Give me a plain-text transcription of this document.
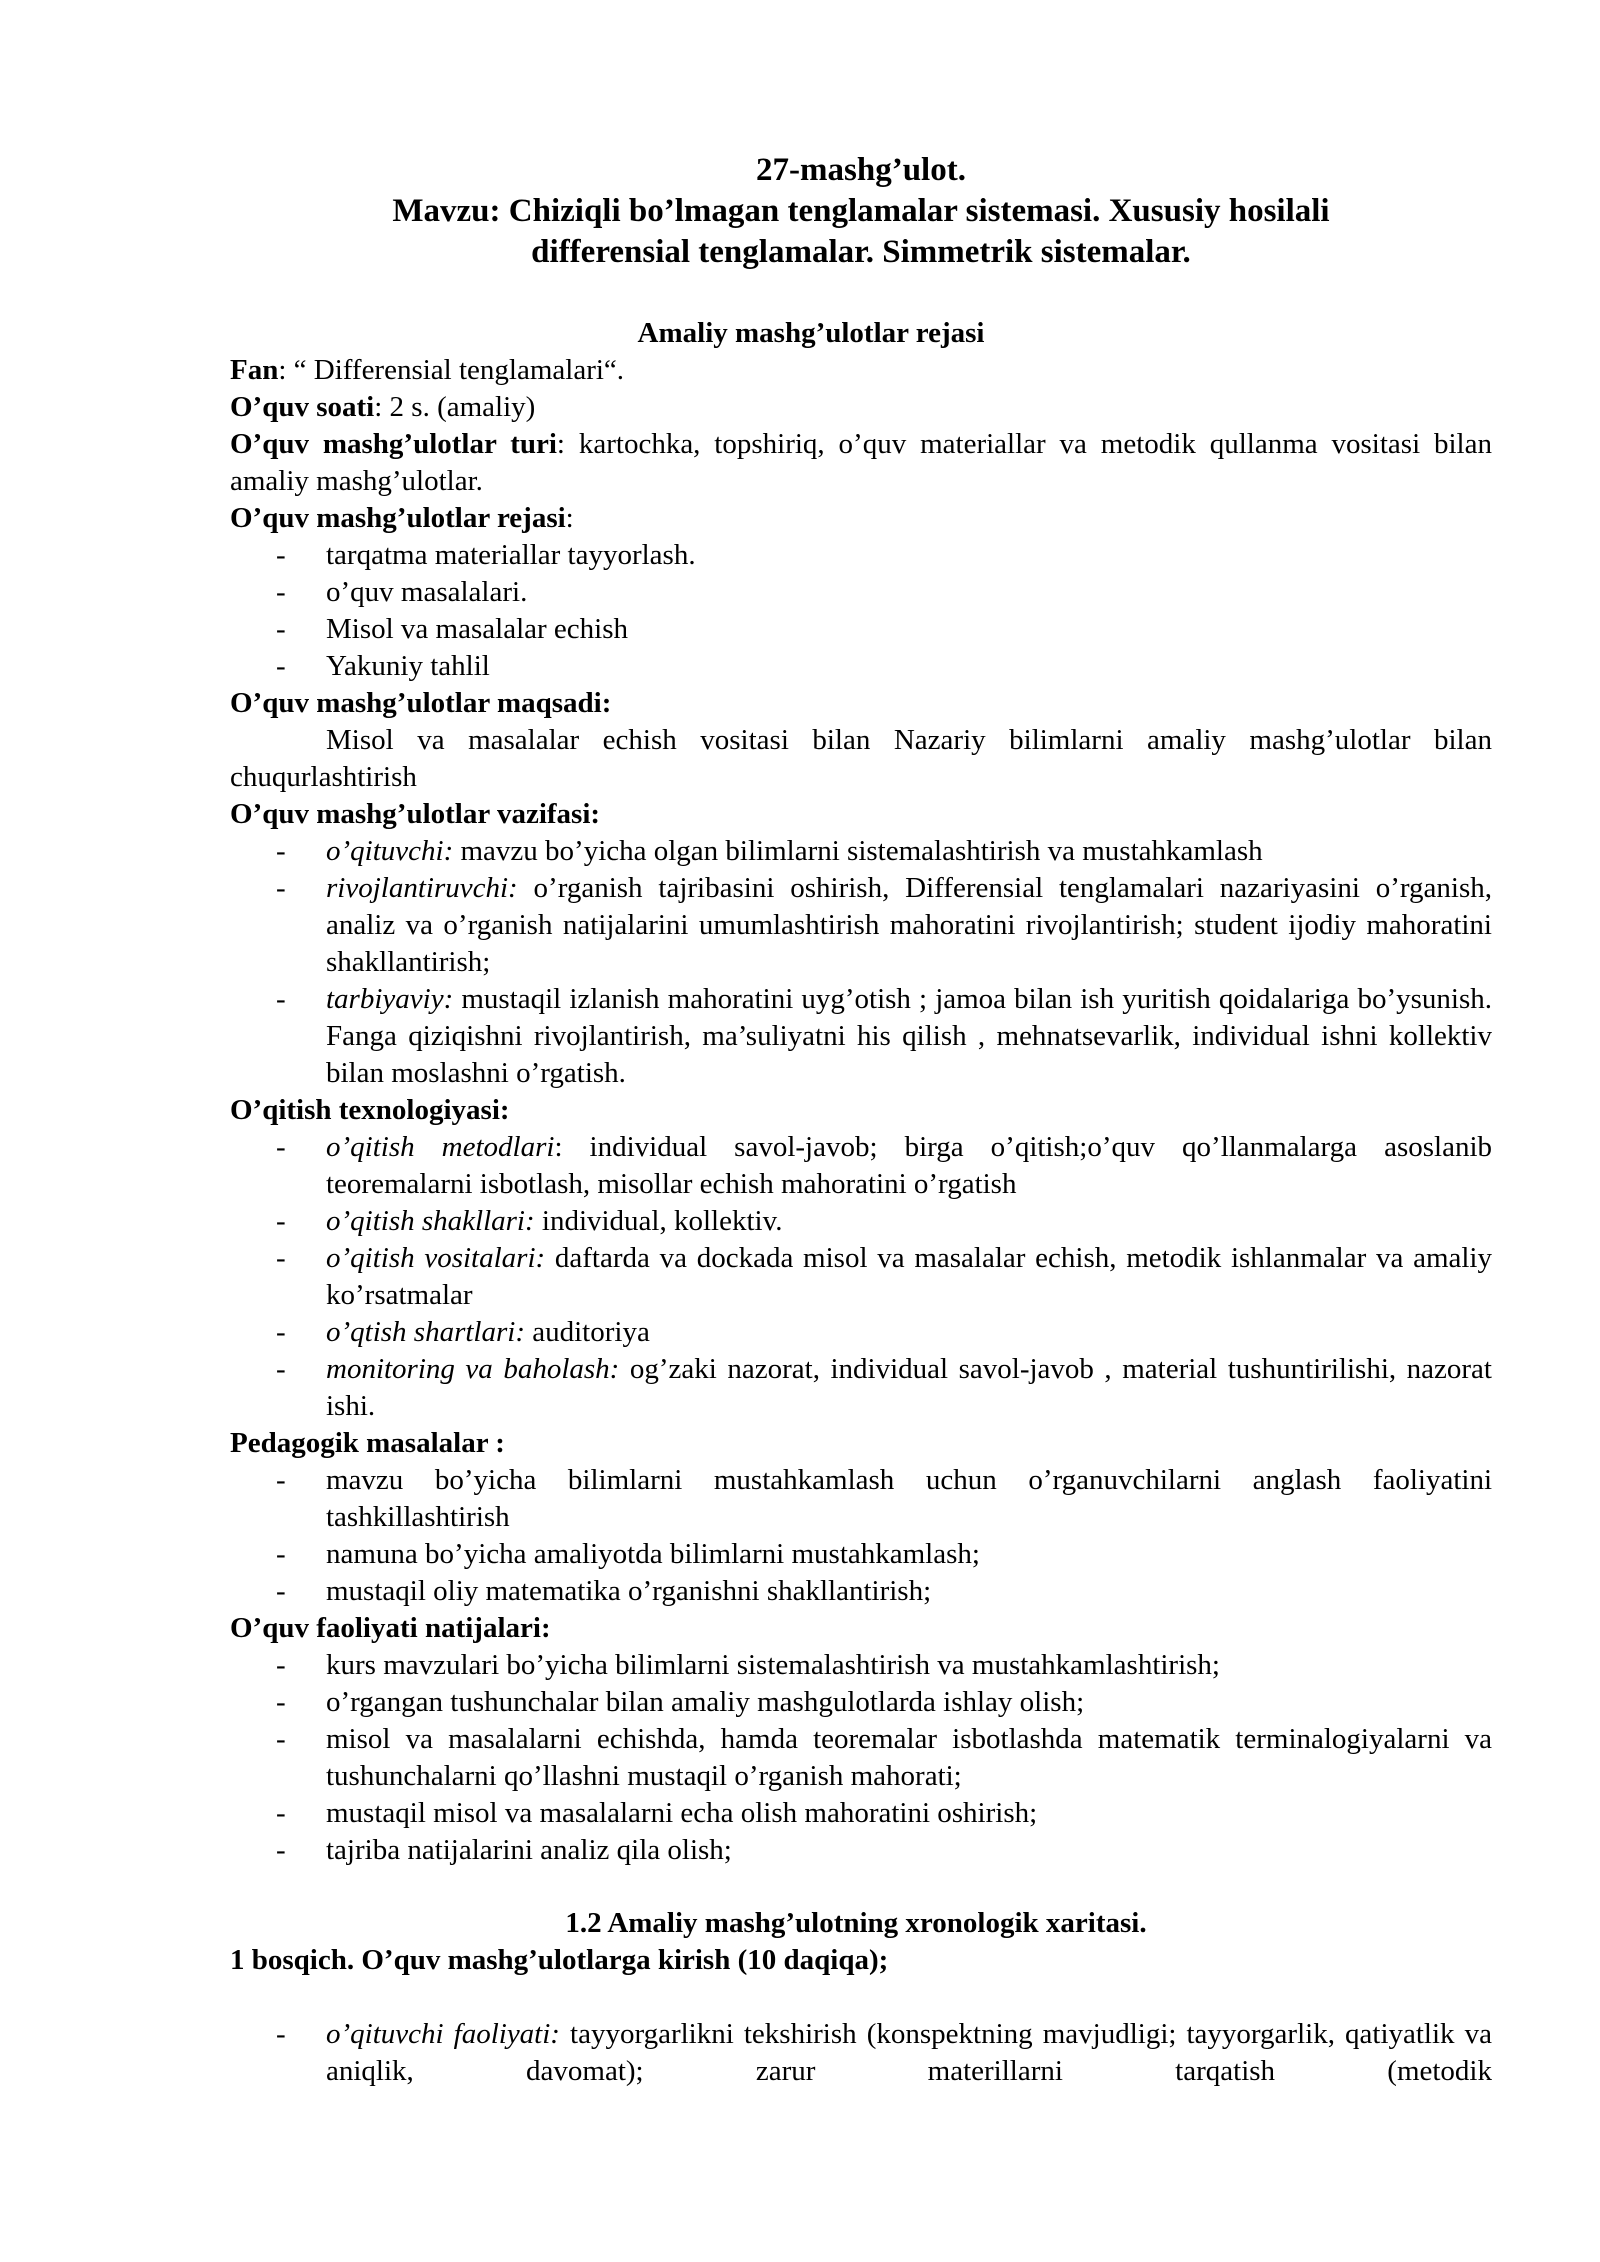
27-mashg’ulot.
Mavzu: Chiziqli bo’lmagan tenglamalar sistemasi. Xususiy hosilali
differensial tenglamalar. Simmetrik sistemalar.
Amaliy mashg’ulotlar rejasi

Fan: “ Differensial tenglamalari“.

O’quv soati: 2 s. (amaliy)

O’quv mashg’ulotlar turi: kartochka, topshiriq, o’quv materiallar va metodik qullanma vositasi bilan amaliy mashg’ulotlar.

O’quv mashg’ulotlar rejasi:

- tarqatma materiallar tayyorlash.
- o’quv masalalari.
- Misol va masalalar echish
- Yakuniy tahlil

O’quv mashg’ulotlar maqsadi:

Misol va masalalar echish vositasi bilan Nazariy bilimlarni amaliy mashg’ulotlar bilan chuqurlashtirish

O’quv mashg’ulotlar vazifasi:

- o’qituvchi: mavzu bo’yicha olgan bilimlarni sistemalashtirish va mustahkamlash
- rivojlantiruvchi: o’rganish tajribasini oshirish, Differensial tenglamalari nazariyasini o’rganish, analiz va o’rganish natijalarini umumlashtirish mahoratini rivojlantirish; student ijodiy mahoratini shakllantirish;
- tarbiyaviy: mustaqil izlanish mahoratini uyg’otish ; jamoa bilan ish yuritish qoidalariga bo’ysunish. Fanga qiziqishni rivojlantirish, ma’suliyatni his qilish , mehnatsevarlik, individual ishni kollektiv bilan moslashni o’rgatish.

O’qitish texnologiyasi:

- o’qitish metodlari: individual savol-javob; birga o’qitish;o’quv qo’llanmalarga asoslanib teoremalarni isbotlash, misollar echish mahoratini o’rgatish
- o’qitish shakllari: individual, kollektiv.
- o’qitish vositalari: daftarda va dockada misol va masalalar echish, metodik ishlanmalar va amaliy ko’rsatmalar
- o’qtish shartlari: auditoriya
- monitoring va baholash: og’zaki nazorat, individual savol-javob , material tushuntirilishi, nazorat ishi.

Pedagogik masalalar :

- mavzu bo’yicha bilimlarni mustahkamlash uchun o’rganuvchilarni anglash faoliyatini tashkillashtirish
- namuna bo’yicha amaliyotda bilimlarni mustahkamlash;
- mustaqil oliy matematika o’rganishni shakllantirish;

O’quv faoliyati natijalari:

- kurs mavzulari bo’yicha bilimlarni sistemalashtirish va mustahkamlashtirish;
- o’rgangan tushunchalar bilan amaliy mashgulotlarda ishlay olish;
- misol va masalalarni echishda, hamda teoremalar isbotlashda matematik terminalogiyalarni va tushunchalarni qo’llashni mustaqil o’rganish mahorati;
- mustaqil misol va masalalarni echa olish mahoratini oshirish;
- tajriba natijalarini analiz qila olish;
1.2 Amaliy mashg’ulotning xronologik xaritasi.

1 bosqich. O’quv mashg’ulotlarga kirish (10 daqiqa);

- o’qituvchi faoliyati: tayyorgarlikni tekshirish (konspektning mavjudligi; tayyorgarlik, qatiyatlik va aniqlik, davomat); zarur materillarni tarqatish (metodik
